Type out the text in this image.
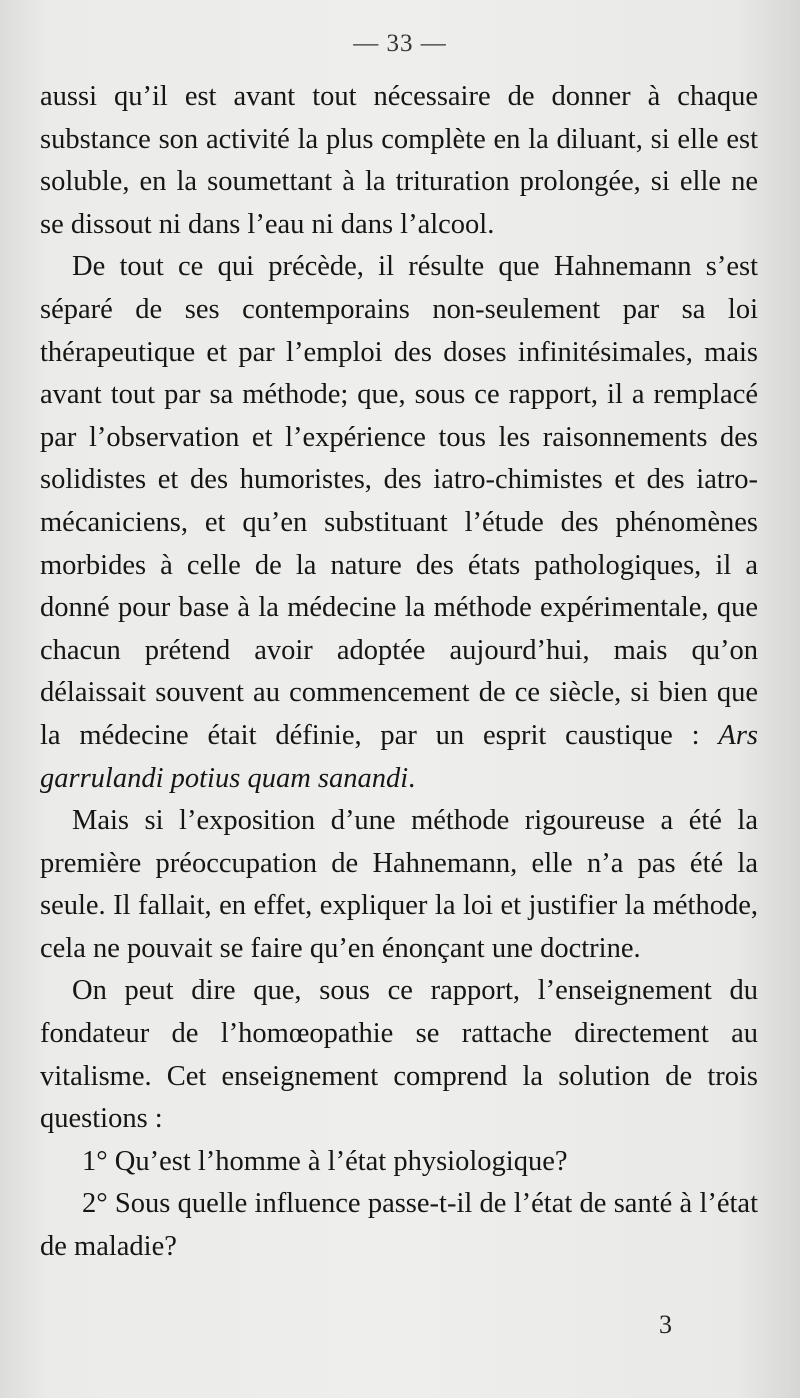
— 33 —

aussi qu’il est avant tout nécessaire de donner à chaque substance son activité la plus complète en la diluant, si elle est soluble, en la soumettant à la trituration prolongée, si elle ne se dissout ni dans l’eau ni dans l’alcool.

De tout ce qui précède, il résulte que Hahnemann s’est séparé de ses contemporains non-seulement par sa loi thérapeutique et par l’emploi des doses infinitésimales, mais avant tout par sa méthode; que, sous ce rapport, il a remplacé par l’observation et l’expérience tous les raisonnements des solidistes et des humoristes, des iatro-chimistes et des iatro-mécaniciens, et qu’en substituant l’étude des phénomènes morbides à celle de la nature des états pathologiques, il a donné pour base à la médecine la méthode expérimentale, que chacun prétend avoir adoptée aujourd’hui, mais qu’on délaissait souvent au commencement de ce siècle, si bien que la médecine était définie, par un esprit caustique : Ars garrulandi potius quam sanandi.

Mais si l’exposition d’une méthode rigoureuse a été la première préoccupation de Hahnemann, elle n’a pas été la seule. Il fallait, en effet, expliquer la loi et justifier la méthode, cela ne pouvait se faire qu’en énonçant une doctrine.

On peut dire que, sous ce rapport, l’enseignement du fondateur de l’homœopathie se rattache directement au vitalisme. Cet enseignement comprend la solution de trois questions :

1° Qu’est l’homme à l’état physiologique?

2° Sous quelle influence passe-t-il de l’état de santé à l’état de maladie?

3
